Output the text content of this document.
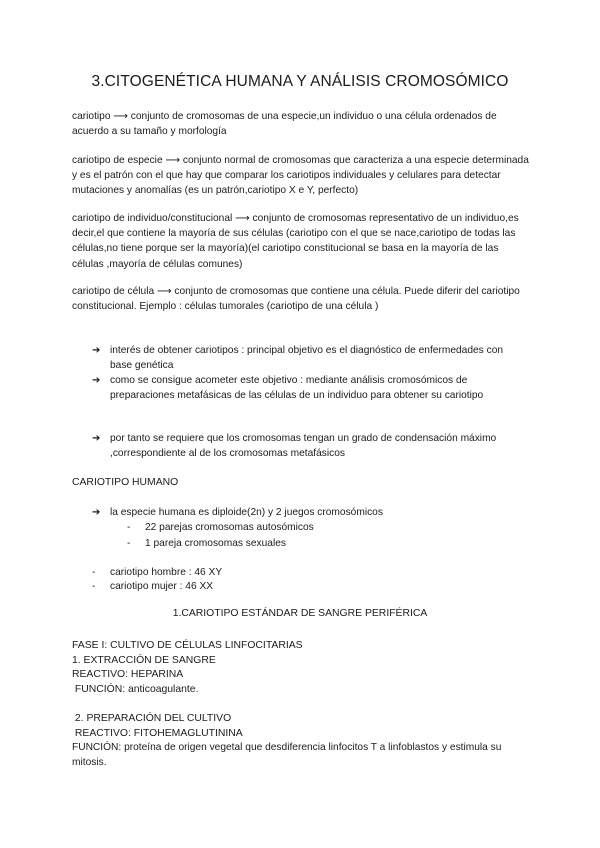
3.CITOGENÉTICA HUMANA Y ANÁLISIS CROMOSÓMICO
cariotipo ⟶ conjunto de cromosomas de una especie,un individuo o una célula ordenados de acuerdo a su tamaño y morfología
cariotipo de especie ⟶ conjunto normal de cromosomas que caracteriza a una especie determinada y es el patrón con el que hay que comparar los cariotipos individuales y celulares para detectar mutaciones y anomalías (es un patrón,cariotipo X e Y, perfecto)
cariotipo de individuo/constitucional ⟶ conjunto de cromosomas representativo de un individuo,es decir,el que contiene la mayoría de sus células (cariotipo con el que se nace,cariotipo de todas las células,no tiene porque ser la mayoría)(el cariotipo constitucional se basa en la mayoría de las células ,mayoría de células comunes)
cariotipo de célula ⟶ conjunto de cromosomas que contiene una célula. Puede diferir del cariotipo constitucional. Ejemplo : células tumorales (cariotipo de una célula )
➔ interés de obtener cariotipos : principal objetivo es el diagnóstico de enfermedades con base genética
➔ como se consigue acometer este objetivo : mediante análisis cromosómicos de preparaciones metafásicas de las células de un individuo para obtener su cariotipo
➔ por tanto se requiere que los cromosomas tengan un grado de condensación máximo ,correspondiente al de los cromosomas metafásicos
CARIOTIPO HUMANO
➔ la especie humana es diploide(2n) y 2 juegos cromosómicos
- 22 parejas cromosomas autosómicos
- 1 pareja cromosomas sexuales
- cariotipo hombre : 46 XY
- cariotipo mujer : 46 XX
1.CARIOTIPO ESTÁNDAR DE SANGRE PERIFÉRICA
FASE I: CULTIVO DE CÉLULAS LINFOCITARIAS
1. EXTRACCIÓN DE SANGRE
REACTIVO: HEPARINA
FUNCIÓN: anticoagulante.
2. PREPARACIÓN DEL CULTIVO
REACTIVO: FITOHEMAGLUTININA
FUNCIÓN: proteína de origen vegetal que desdiferencia linfocitos T a linfoblastos y estimula su mitosis.
